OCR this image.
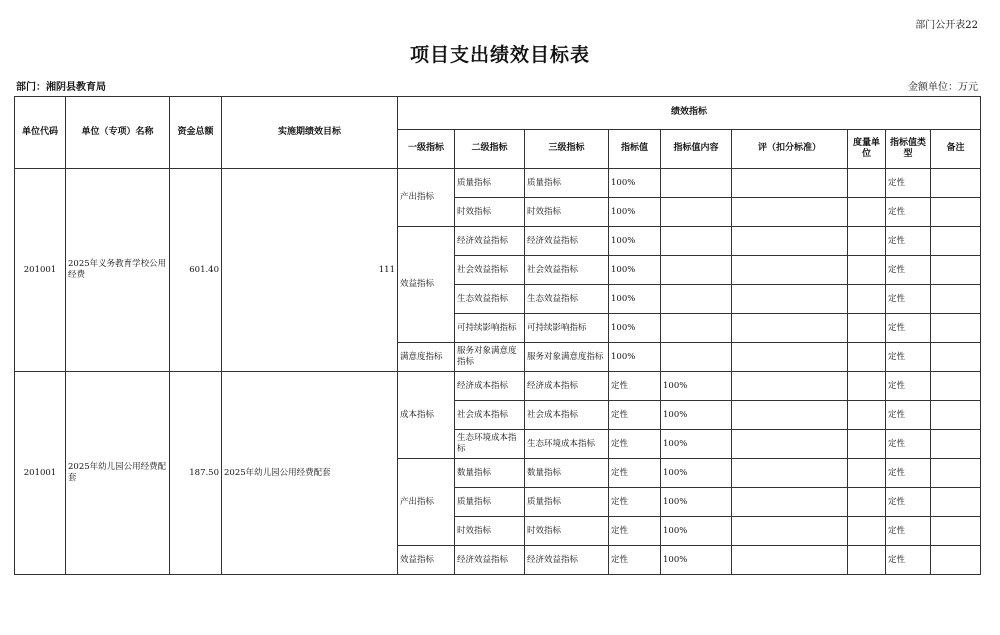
部门公开表22
项目支出绩效目标表
部门：湘阴县教育局	金额单位：万元
单位代码	单位（专项）名称	资金总额	实施期绩效目标	绩效指标								
				一级指标	二级指标	三级指标	指标值	指标值内容	评（扣分标准）	度量单位	指标值类型	备注
201001	2025年义务教育学校公用经费	601.40	111	产出指标	质量指标	质量指标	100%				定性	
					时效指标	时效指标	100%				定性	
				效益指标	经济效益指标	经济效益指标	100%				定性	
					社会效益指标	社会效益指标	100%				定性	
					生态效益指标	生态效益指标	100%				定性	
					可持续影响指标	可持续影响指标	100%				定性	
				满意度指标	服务对象满意度指标	服务对象满意度指标	100%				定性	
201001	2025年幼儿园公用经费配套	187.50	2025年幼儿园公用经费配套	成本指标	经济成本指标	经济成本指标	定性	100%			定性	
					社会成本指标	社会成本指标	定性	100%			定性	
					生态环境成本指标	生态环境成本指标	定性	100%			定性	
				产出指标	数量指标	数量指标	定性	100%			定性	
					质量指标	质量指标	定性	100%			定性	
					时效指标	时效指标	定性	100%			定性	
				效益指标	经济效益指标	经济效益指标	定性	100%			定性	
